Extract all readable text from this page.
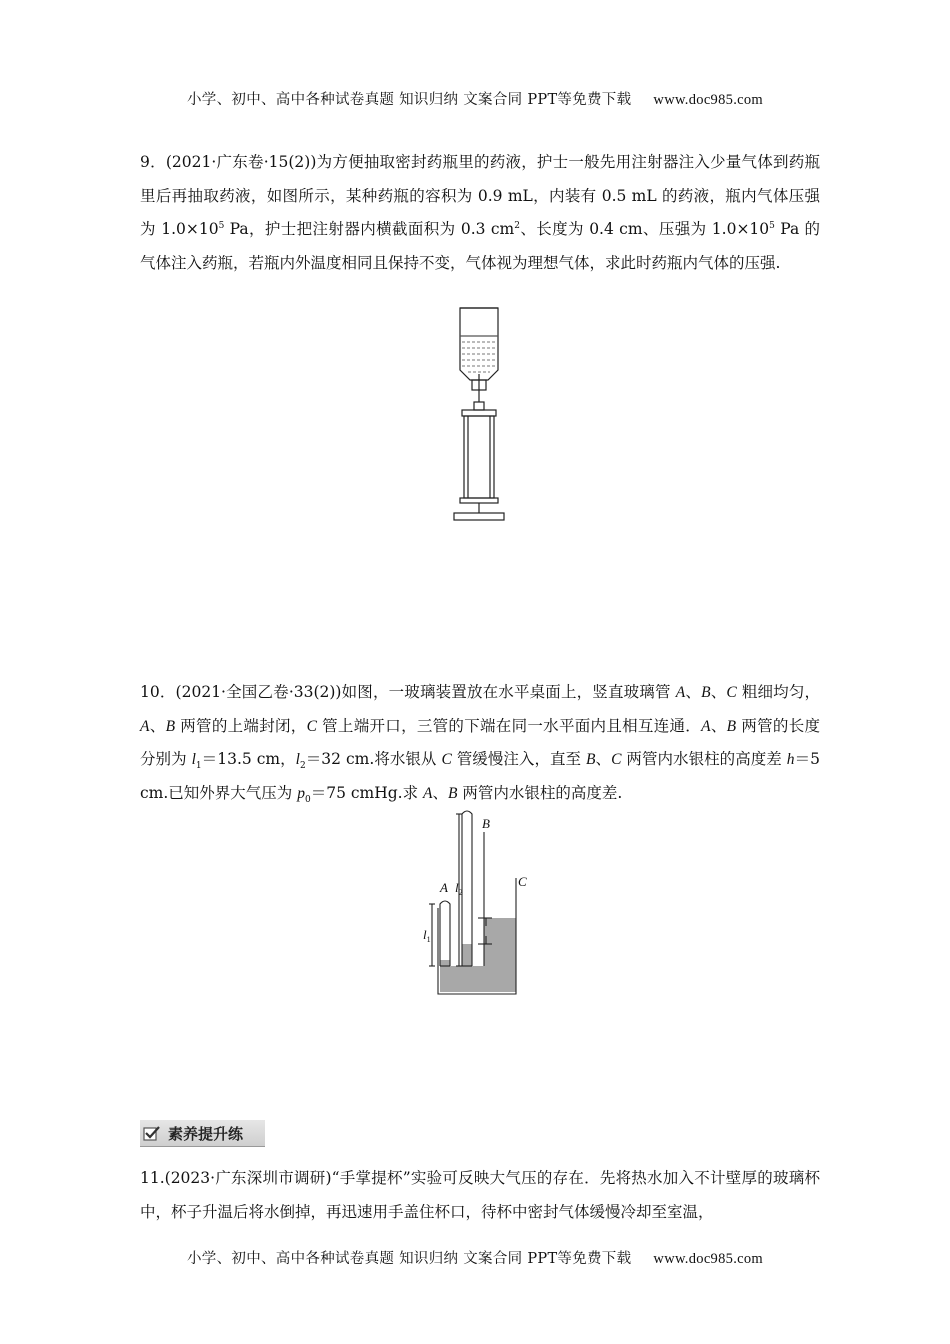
小学、初中、高中各种试卷真题 知识归纳 文案合同 PPT等免费下载 www.doc985.com
9．(2021·广东卷·15(2))为方便抽取密封药瓶里的药液，护士一般先用注射器注入少量气体到药瓶里后再抽取药液，如图所示，某种药瓶的容积为 0.9 mL，内装有 0.5 mL 的药液，瓶内气体压强为 $1.0\times 10^5$ Pa，护士把注射器内横截面积为 0.3 $cm^2$、长度为 0.4 cm、压强为 $1.0\times 10^5$ Pa 的气体注入药瓶，若瓶内外温度相同且保持不变，气体视为理想气体，求此时药瓶内气体的压强.
10．(2021·全国乙卷·33(2))如图，一玻璃装置放在水平桌面上，竖直玻璃管 A、B、C 粗细均匀，A、B 两管的上端封闭，C 管上端开口，三管的下端在同一水平面内且相互连通．A、B 两管的长度分别为 $l_1=13.5$ cm，$l_2=32$ cm.将水银从 C 管缓慢注入，直至 B、C 两管内水银柱的高度差 h＝5 cm.已知外界大气压为 $p_0=75$ cmHg.求 A、B 两管内水银柱的高度差.
B
C
A $l_2$
$l_1$
素养提升练
11.(2023·广东深圳市调研)“手掌提杯”实验可反映大气压的存在．先将热水加入不计壁厚的玻璃杯中，杯子升温后将水倒掉，再迅速用手盖住杯口，待杯中密封气体缓慢冷却至室温，
小学、初中、高中各种试卷真题 知识归纳 文案合同 PPT等免费下载 www.doc985.com
